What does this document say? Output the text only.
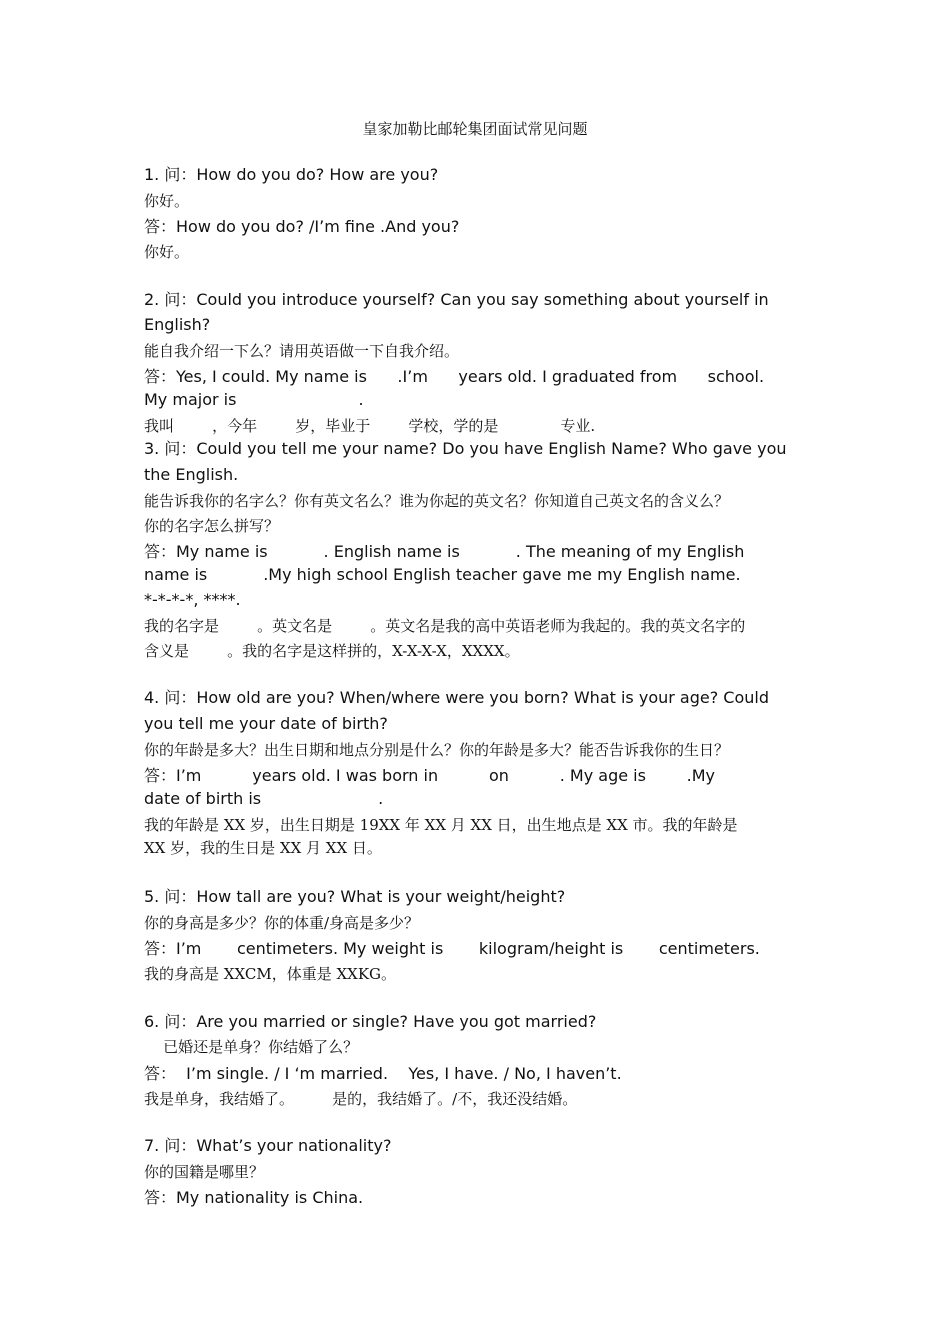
皇家加勒比邮轮集团面试常见问题
1. 问：How do you do? How are you?
你好。
答：How do you do? /I’m fine .And you?
你好。
2. 问：Could you introduce yourself? Can you say something about yourself in
English?
能自我介绍一下么？请用英语做一下自我介绍。
答：Yes, I could. My name is      .I’m      years old. I graduated from      school.
My major is                        .
我叫        ，今年        岁，毕业于        学校，学的是             专业.
3. 问：Could you tell me your name? Do you have English Name? Who gave you
the English.
能告诉我你的名字么？你有英文名么？谁为你起的英文名？你知道自己英文名的含义么？
你的名字怎么拼写？
答：My name is           . English name is           . The meaning of my English
name is           .My high school English teacher gave me my English name.
*-*-*-*, ****.
我的名字是        。英文名是        。英文名是我的高中英语老师为我起的。我的英文名字的
含义是        。我的名字是这样拼的，X-X-X-X，XXXX。
4. 问：How old are you? When/where were you born? What is your age? Could
you tell me your date of birth?
你的年龄是多大？出生日期和地点分别是什么？你的年龄是多大？能否告诉我你的生日？
答：I’m          years old. I was born in          on          . My age is        .My
date of birth is                       .
我的年龄是 XX 岁，出生日期是 19XX 年 XX 月 XX 日，出生地点是 XX 市。我的年龄是
XX 岁，我的生日是 XX 月 XX 日。
5. 问：How tall are you? What is your weight/height?
你的身高是多少？你的体重/身高是多少？
答：I’m       centimeters. My weight is       kilogram/height is       centimeters.
我的身高是 XXCM，体重是 XXKG。
6. 问：Are you married or single? Have you got married?
已婚还是单身？你结婚了么？
答：  I’m single. / I ‘m married.    Yes, I have. / No, I haven’t.
我是单身，我结婚了。        是的，我结婚了。/不，我还没结婚。
7. 问：What’s your nationality?
你的国籍是哪里？
答：My nationality is China.
